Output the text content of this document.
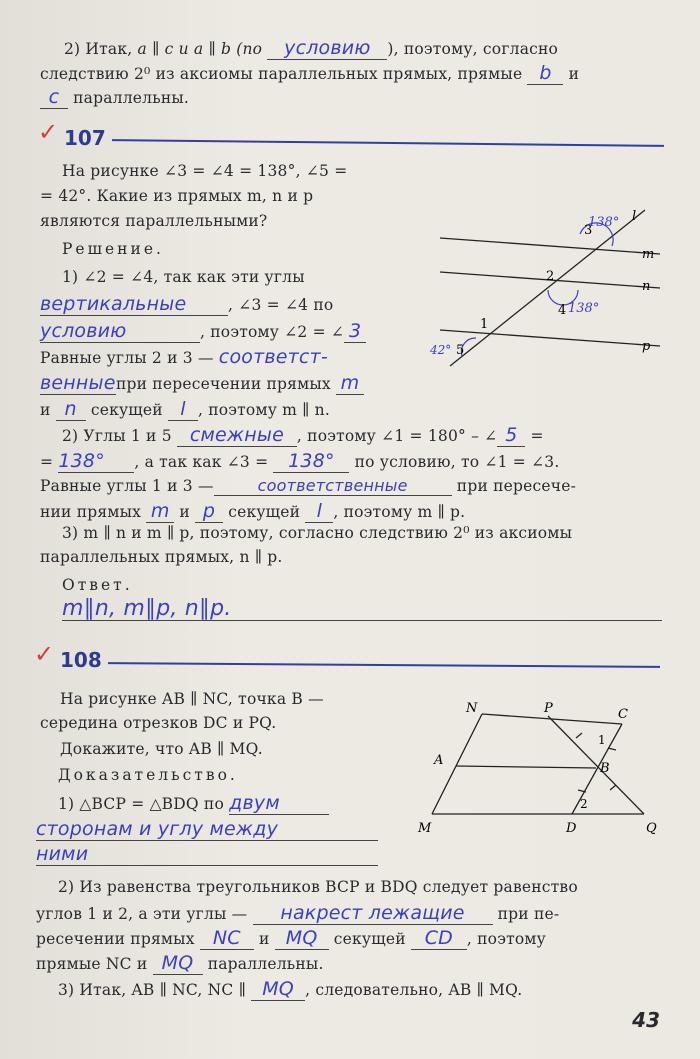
2) Итак, a ∥ c и a ∥ b (по условию ), поэтому, согласно
следствию 2⁰ из аксиомы параллельных прямых, прямые b и
c параллельны.
✓ 107
На рисунке ∠3 = ∠4 = 138°, ∠5 =
= 42°. Какие из прямых m, n и p
являются параллельными?
Решение.
1) ∠2 = ∠4, так как эти углы
вертикальные	, ∠3 = ∠4 по
условию	, поэтому ∠2 = ∠ 3
Равные углы 2 и 3 — соответст-
венныепри пересечении прямых m
и n секущей l , поэтому m ∥ n.
2) Углы 1 и 5 смежные , поэтому ∠1 = 180° – ∠ 5 =
= 138° , а так как ∠3 = 138° по условию, то ∠1 = ∠3.
Равные углы 1 и 3 —	соответственные	при пересече-
нии прямых m и p секущей l , поэтому m ∥ p.
3) m ∥ n и m ∥ p, поэтому, согласно следствию 2⁰ из аксиомы
параллельных прямых, n ∥ p.
Ответ.
m∥n, m∥p, n∥p.
l
m
n
p
3
2
4
1
5
138°
138°
42°
✓ 108
На рисунке AB ∥ NC, точка B —
середина отрезков DC и PQ.
Докажите, что AB ∥ MQ.
Доказательство.
1) △BCP = △BDQ по двум
сторонам и углу между
ними
2) Из равенства треугольников BCP и BDQ следует равенство
углов 1 и 2, а эти углы — накрест лежащие при пе-
ресечении прямых NC и MQ секущей CD , поэтому
прямые NC и MQ параллельны.
3) Итак, AB ∥ NC, NC ∥ MQ , следовательно, AB ∥ MQ.
N	P	C
A
B
M	D	Q
1
2
43
